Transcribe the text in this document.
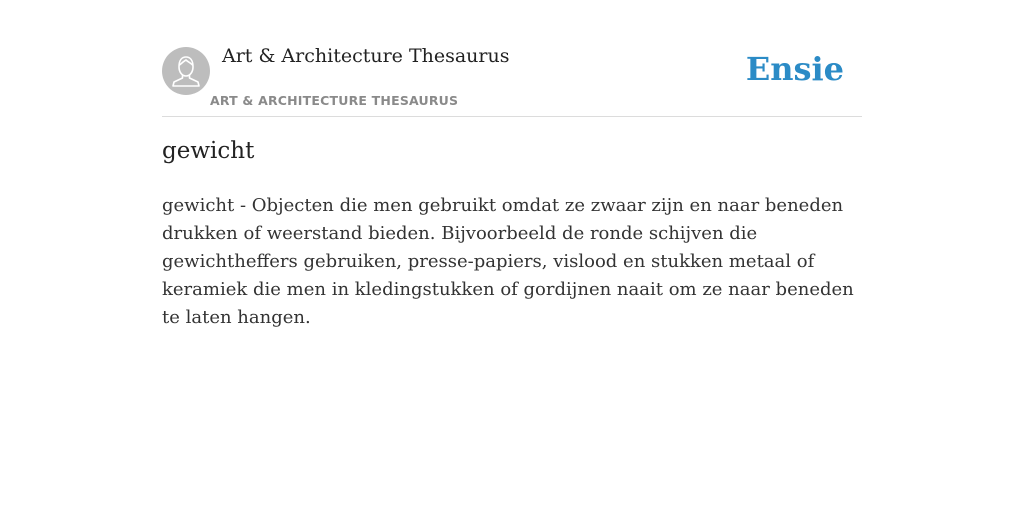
Art & Architecture Thesaurus
ART & ARCHITECTURE THESAURUS
Ensie
gewicht

gewicht - Objecten die men gebruikt omdat ze zwaar zijn en naar beneden drukken of weerstand bieden. Bijvoorbeeld de ronde schijven die gewichtheffers gebruiken, presse-papiers, vislood en stukken metaal of keramiek die men in kledingstukken of gordijnen naait om ze naar beneden te laten hangen.
